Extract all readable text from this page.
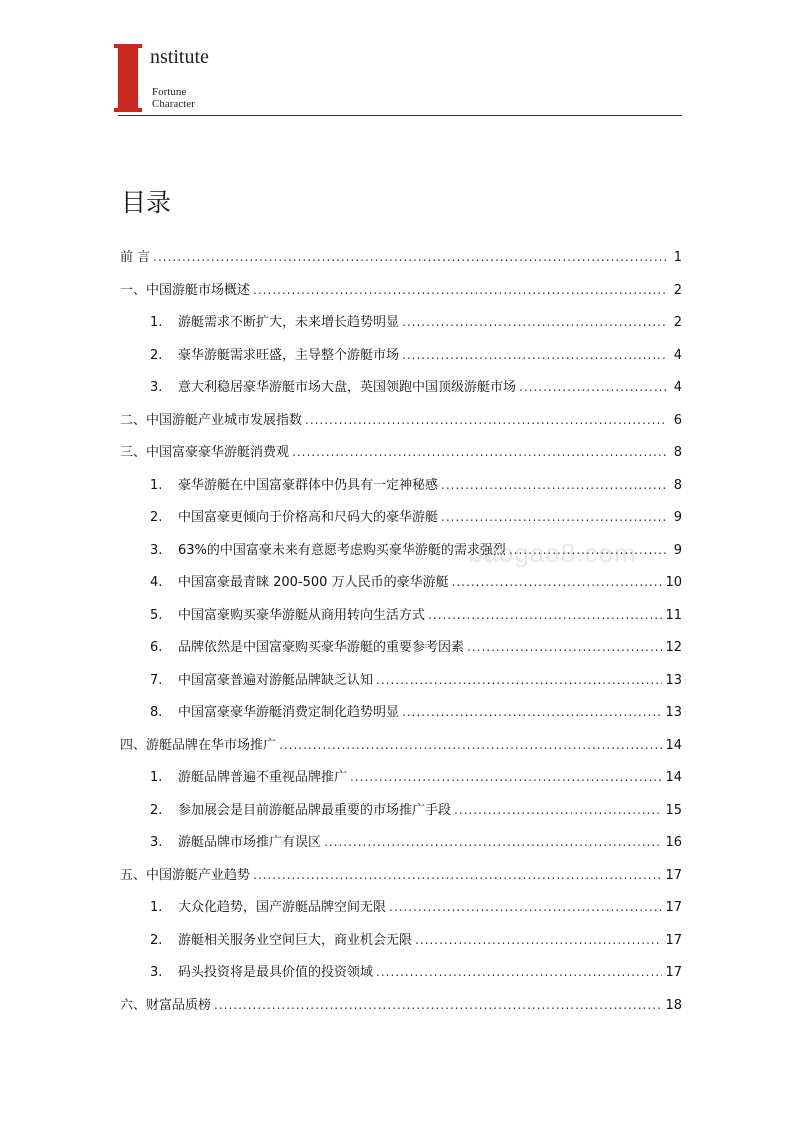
nstitute
Fortune
Character
目录
前 言 .....	1
一、中国游艇市场概述 .....	2
1.	游艇需求不断扩大，未来增长趋势明显 .....	2
2.	豪华游艇需求旺盛，主导整个游艇市场 .....	4
3.	意大利稳居豪华游艇市场大盘，英国领跑中国顶级游艇市场 .....	4
二、中国游艇产业城市发展指数 .....	6
三、中国富豪豪华游艇消费观 .....	8
1.	豪华游艇在中国富豪群体中仍具有一定神秘感 .....	8
2.	中国富豪更倾向于价格高和尺码大的豪华游艇 .....	9
3.	63%的中国富豪未来有意愿考虑购买豪华游艇的需求强烈 .....	9
4.	中国富豪最青睐 200-500 万人民币的豪华游艇 .....	10
5.	中国富豪购买豪华游艇从商用转向生活方式 .....	11
6.	品牌依然是中国富豪购买豪华游艇的重要参考因素 .....	12
7.	中国富豪普遍对游艇品牌缺乏认知 .....	13
8.	中国富豪豪华游艇消费定制化趋势明显 .....	13
四、游艇品牌在华市场推广 .....	14
1.	游艇品牌普遍不重视品牌推广 .....	14
2.	参加展会是目前游艇品牌最重要的市场推广手段 .....	15
3.	游艇品牌市场推广有误区 .....	16
五、中国游艇产业趋势 .....	17
1.	大众化趋势，国产游艇品牌空间无限 .....	17
2.	游艇相关服务业空间巨大，商业机会无限 .....	17
3.	码头投资将是最具价值的投资领域 .....	17
六、财富品质榜 .....	18
baogao8.com
